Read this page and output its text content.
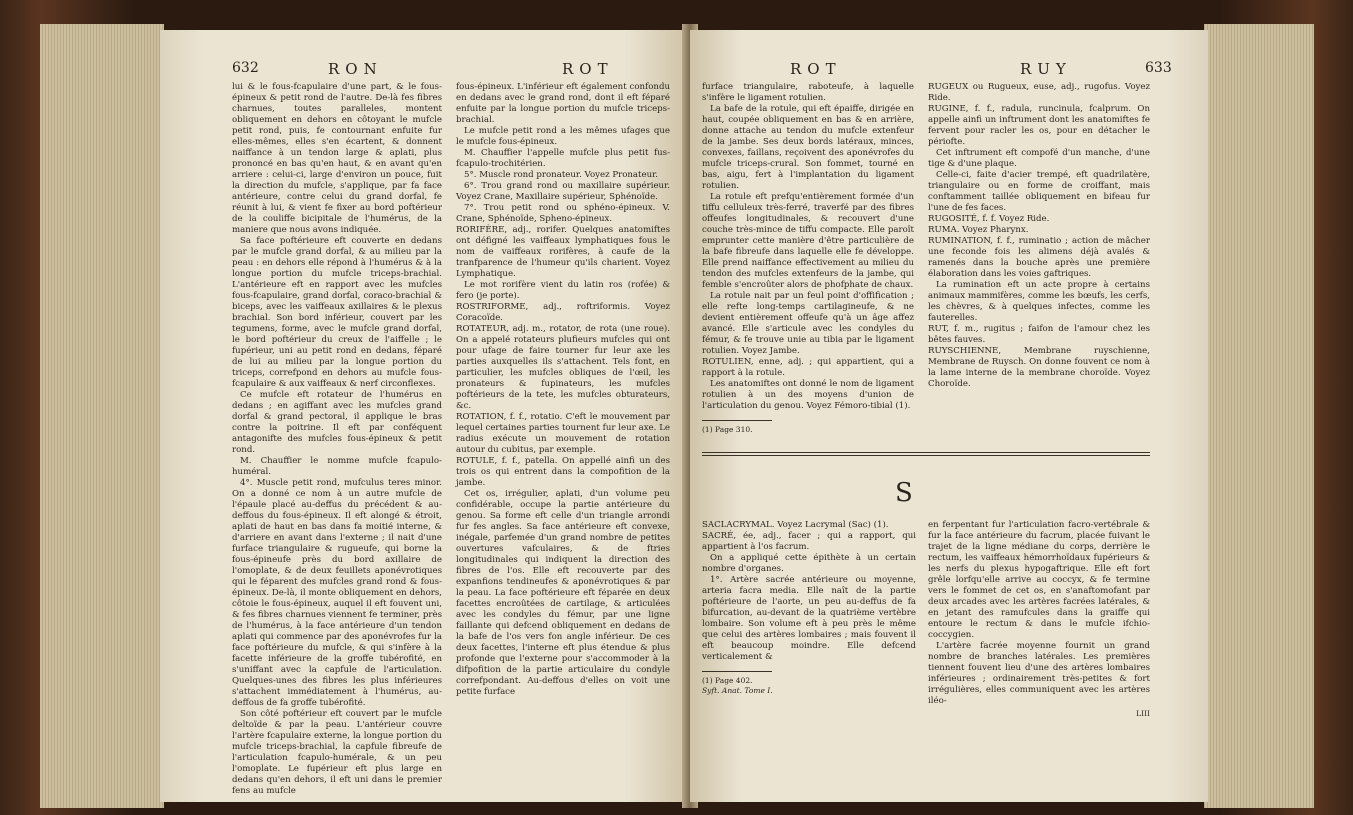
632	RON	ROT

lui & le fous-fcapulaire d'une part, & le fous-épineux & petit rond de l'autre. De-là fes fibres charnues, toutes paralleles, montent obliquement en dehors en côtoyant le mufcle petit rond, puis, fe contournant enfuite fur elles-mêmes, elles s'en écartent, & donnent naiffance à un tendon large & aplati, plus prononcé en bas qu'en haut, & en avant qu'en arriere : celui-ci, large d'environ un pouce, fuit la direction du mufcle, s'applique, par fa face antérieure, contre celui du grand dorfal, fe réunit à lui, & vient fe fixer au bord poftérieur de la couliffe bicipitale de l'humérus, de la maniere que nous avons indiquée.

Sa face poftérieure eft couverte en dedans par le mufcle grand dorfal, & au milieu par la peau : en dehors elle répond à l'humérus & à la longue portion du mufcle triceps-brachial. L'antérieure eft en rapport avec les mufcles fous-fcapulaire, grand dorfal, coraco-brachial & biceps, avec les vaiffeaux axillaires & le plexus brachial. Son bord inférieur, couvert par les tegumens, forme, avec le mufcle grand dorfal, le bord poftérieur du creux de l'aiffelle ; le fupérieur, uni au petit rond en dedans, féparé de lui au milieu par la longue portion du triceps, correfpond en dehors au mufcle fous-fcapulaire & aux vaiffeaux & nerf circonflexes.

Ce mufcle eft rotateur de l'humérus en dedans ; en agiffant avec les mufcles grand dorfal & grand pectoral, il applique le bras contre la poitrine. Il eft par conféquent antagonifte des mufcles fous-épineux & petit rond.

M. Chauffier le nomme mufcle fcapulo-huméral.

4°. Muscle petit rond, mufculus teres minor. On a donné ce nom à un autre mufcle de l'épaule placé au-deffus du précédent & au-deffous du fous-épineux. Il eft alongé & étroit, aplati de haut en bas dans fa moitié interne, & d'arriere en avant dans l'externe ; il nait d'une furface triangulaire & rugueufe, qui borne la fous-épineufe près du bord axillaire de l'omoplate, & de deux feuillets aponévrotiques qui le féparent des mufcles grand rond & fous-épineux. De-là, il monte obliquement en dehors, côtoie le fous-épineux, auquel il eft fouvent uni, & fes fibres charnues viennent fe terminer, près de l'humérus, à la face antérieure d'un tendon aplati qui commence par des aponévrofes fur la face poftérieure du mufcle, & qui s'infère à la facette inférieure de la groffe tubérofité, en s'uniffant avec la capfule de l'articulation. Quelques-unes des fibres les plus inférieures s'attachent immédiatement à l'humérus, au-deffous de fa groffe tubérofité.

Son côté poftérieur eft couvert par le mufcle deltoïde & par la peau. L'antérieur couvre l'artère fcapulaire externe, la longue portion du mufcle triceps-brachial, la capfule fibreufe de l'articulation fcapulo-humérale, & un peu l'omoplate. Le fupérieur eft plus large en dedans qu'en dehors, il eft uni dans le premier fens au mufcle

fous-épineux. L'inférieur eft également confondu en dedans avec le grand rond, dont il eft féparé enfuite par la longue portion du mufcle triceps-brachial.

Le mufcle petit rond a les mêmes ufages que le mufcle fous-épineux.

M. Chauffier l'appelle mufcle plus petit fus-fcapulo-trochitérien.

5°. Muscle rond pronateur. Voyez Pronateur.

6°. Trou grand rond ou maxillaire supérieur. Voyez Crane, Maxillaire supérieur, Sphénoïde.

7°. Trou petit rond ou sphéno-épineux. V. Crane, Sphénoïde, Spheno-épineux.

RORIFÈRE, adj., rorifer. Quelques anatomiftes ont défigné les vaiffeaux lymphatiques fous le nom de vaiffeaux rorifères, à caufe de la tranfparence de l'humeur qu'ils charient. Voyez Lymphatique.

Le mot rorifère vient du latin ros (rofée) & fero (je porte).

ROSTRIFORME, adj., roftriformis. Voyez Coracoïde.

ROTATEUR, adj. m., rotator, de rota (une roue). On a appelé rotateurs plufieurs mufcles qui ont pour ufage de faire tourner fur leur axe les parties auxquelles ils s'attachent. Tels font, en particulier, les mufcles obliques de l'œil, les pronateurs & fupinateurs, les mufcles poftérieurs de la tete, les mufcles obturateurs, &c.

ROTATION, f. f., rotatio. C'eft le mouvement par lequel certaines parties tournent fur leur axe. Le radius exécute un mouvement de rotation autour du cubitus, par exemple.

ROTULE, f. f., patella. On appellé ainfi un des trois os qui entrent dans la compofition de la jambe.

Cet os, irrégulier, aplati, d'un volume peu confidérable, occupe la partie antérieure du genou. Sa forme eft celle d'un triangle arrondi fur fes angles. Sa face antérieure eft convexe, inégale, parfemée d'un grand nombre de petites ouvertures vafculaires, & de ftries longitudinales qui indiquent la direction des fibres de l'os. Elle eft recouverte par des expanfions tendineufes & aponévrotiques & par la peau. La face poftérieure eft féparée en deux facettes encroûtées de cartilage, & articulées avec les condyles du fémur, par une ligne faillante qui defcend obliquement en dedans de la bafe de l'os vers fon angle inférieur. De ces deux facettes, l'interne eft plus étendue & plus profonde que l'externe pour s'accommoder à la difpofition de la partie articulaire du condyle correfpondant. Au-deffous d'elles on voit une petite furface

ROT	RUY	633

furface triangulaire, raboteufe, à laquelle s'infère le ligament rotulien.

La bafe de la rotule, qui eft épaiffe, dirigée en haut, coupée obliquement en bas & en arrière, donne attache au tendon du mufcle extenfeur de la jambe. Ses deux bords latéraux, minces, convexes, faillans, reçoivent des aponévrofes du mufcle triceps-crural. Son fommet, tourné en bas, aigu, fert à l'implantation du ligament rotulien.

La rotule eft prefqu'entièrement formée d'un tiffu celluleux très-ferré, traverfé par des fibres offeufes longitudinales, & recouvert d'une couche très-mince de tiffu compacte. Elle paroît emprunter cette manière d'être particulière de la bafe fibreufe dans laquelle elle fe développe. Elle prend naiffance effectivement au milieu du tendon des mufcles extenfeurs de la jambe, qui femble s'encroûter alors de phofphate de chaux.

La rotule nait par un feul point d'offification ; elle refte long-temps cartilagineufe, & ne devient entièrement offeufe qu'à un âge affez avancé. Elle s'articule avec les condyles du fémur, & fe trouve unie au tibia par le ligament rotulien. Voyez Jambe.

ROTULIEN, enne, adj. ; qui appartient, qui a rapport à la rotule.

Les anatomiftes ont donné le nom de ligament rotulien à un des moyens d'union de l'articulation du genou. Voyez Fémoro-tibial (1).

(1) Page 310.

RUGEUX ou Rugueux, euse, adj., rugofus. Voyez Ride.

RUGINE, f. f., radula, runcinula, fcalprum. On appelle ainfi un inftrument dont les anatomiftes fe fervent pour racler les os, pour en détacher le périofte.

Cet inftrument eft compofé d'un manche, d'une tige & d'une plaque.

Celle-ci, faite d'acier trempé, eft quadrilatère, triangulaire ou en forme de croiffant, mais conftamment taillée obliquement en bifeau fur l'une de fes faces.

RUGOSITÉ, f. f. Voyez Ride.

RUMA. Voyez Pharynx.

RUMINATION, f. f., ruminatio ; action de mâcher une feconde fois les alimens déjà avalés & ramenés dans la bouche après une première élaboration dans les voies gaftriques.

La rumination eft un acte propre à certains animaux mammifères, comme les bœufs, les cerfs, les chèvres, & à quelques infectes, comme les fauterelles.

RUT, f. m., rugitus ; faifon de l'amour chez les bêtes fauves.

RUYSCHIENNE, Membrane ruyschienne, Membrane de Ruysch. On donne fouvent ce nom à la lame interne de la membrane choroïde. Voyez Choroïde.

S

SACLACRYMAL. Voyez Lacrymal (Sac) (1).

SACRÉ, ée, adj., facer ; qui a rapport, qui appartient à l'os facrum.

On a appliqué cette épithète à un certain nombre d'organes.

1°. Artère sacrée antérieure ou moyenne, arteria facra media. Elle naît de la partie poftérieure de l'aorte, un peu au-deffus de fa bifurcation, au-devant de la quatrième vertèbre lombaire. Son volume eft à peu près le même que celui des artères lombaires ; mais fouvent il eft beaucoup moindre. Elle defcend verticalement &

(1) Page 402.
Syft. Anat. Tome I.

en ferpentant fur l'articulation facro-vertébrale & fur la face antérieure du facrum, placée fuivant le trajet de la ligne médiane du corps, derrière le rectum, les vaiffeaux hémorrhoïdaux fupérieurs & les nerfs du plexus hypogaftrique. Elle eft fort grêle lorfqu'elle arrive au coccyx, & fe termine vers le fommet de cet os, en s'anaftomofant par deux arcades avec les artères facrées latérales, & en jetant des ramufcules dans la graiffe qui entoure le rectum & dans le mufcle ifchio-coccygien.

L'artère facrée moyenne fournit un grand nombre de branches latérales. Les premières tiennent fouvent lieu d'une des artères lombaires inférieures ; ordinairement très-petites & fort irrégulières, elles communiquent avec les artères iléo-

LIII
